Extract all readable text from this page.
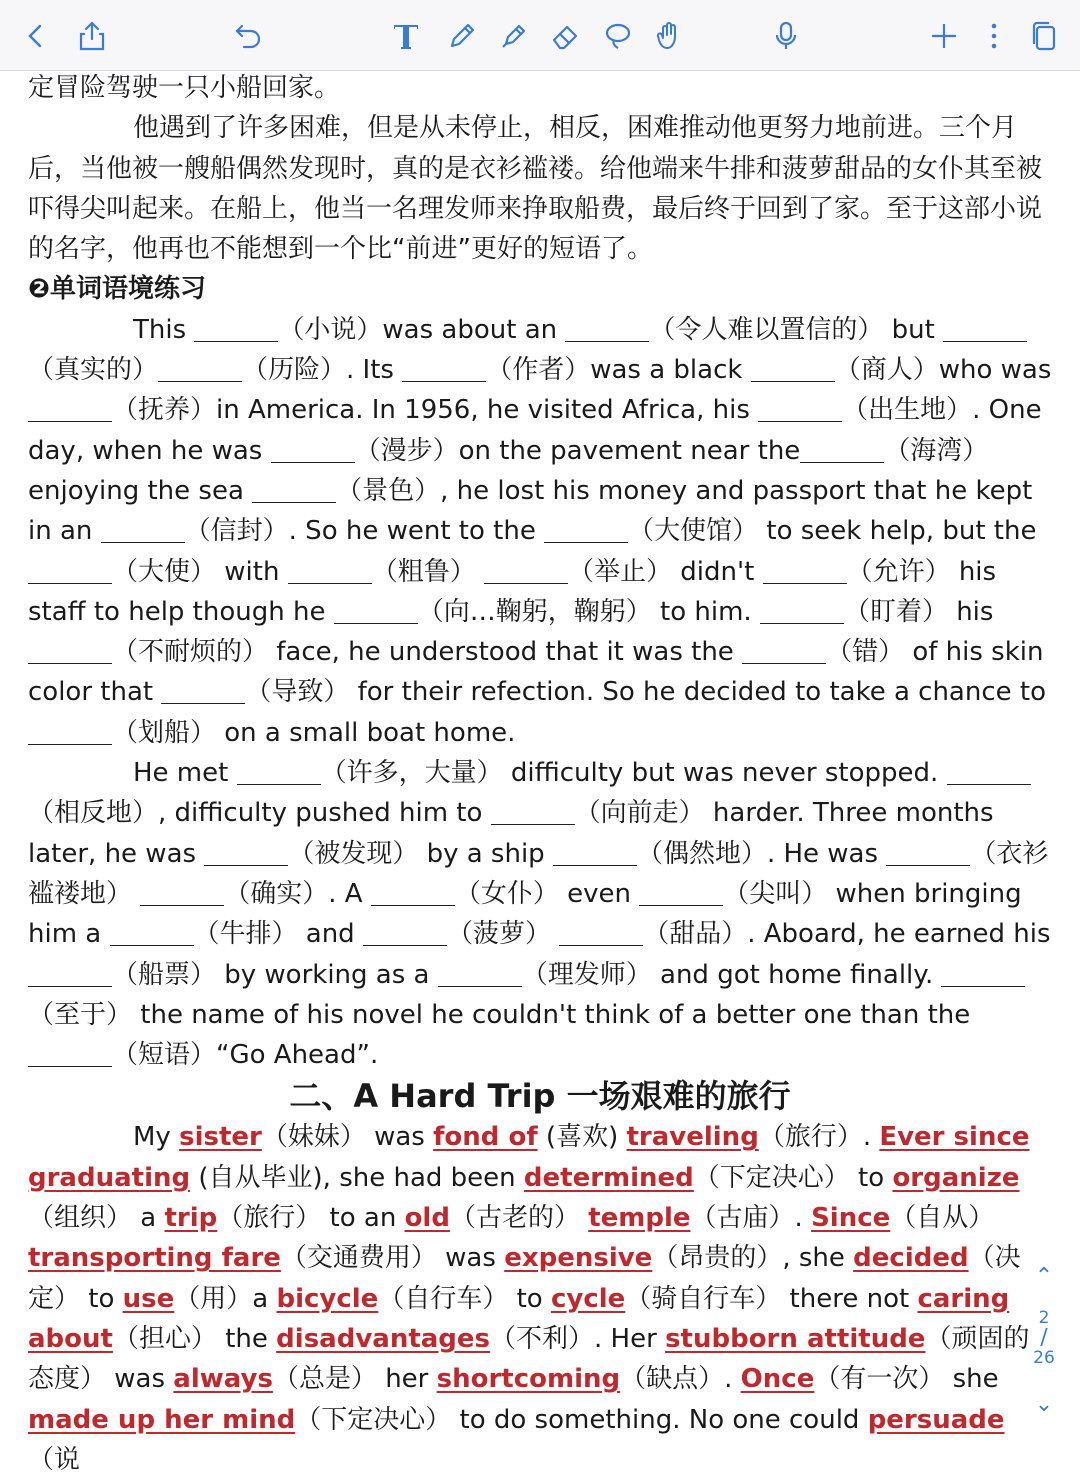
定冒险驾驶一只小船回家。

他遇到了许多困难，但是从未停止，相反，困难推动他更努力地前进。三个月后，当他被一艘船偶然发现时，真的是衣衫褴褛。给他端来牛排和菠萝甜品的女仆其至被吓得尖叫起来。在船上，他当一名理发师来挣取船费，最后终于回到了家。至于这部小说的名字，他再也不能想到一个比“前进”更好的短语了。

❷单词语境练习

This	（小说）was about an	（令人难以置信的） but （真实的）	（历险）. Its	（作者）was a black	（商人）who was （抚养）in America. In 1956, he visited Africa, his	（出生地）. One day, when he was	（漫步）on the pavement near the	（海湾）enjoying the sea	（景色）, he lost his money and passport that he kept in an	（信封）. So he went to the	（大使馆） to seek help, but the （大使） with	（粗鲁）	（举止） didn't	（允许） his staff to help though he	（向…鞠躬，鞠躬） to him.	（盯着） his （不耐烦的） face, he understood that it was the	（错） of his skin color that	（导致） for their refection. So he decided to take a chance to （划船） on a small boat home.

He met	（许多，大量） difficulty but was never stopped. （相反地）, difficulty pushed him to	（向前走） harder. Three months later, he was	（被发现） by a ship	（偶然地）. He was	（衣衫褴褛地）	（确实）. A	（女仆） even	（尖叫） when bringing him a	（牛排） and	（菠萝）	（甜品）. Aboard, he earned his （船票） by working as a	（理发师） and got home finally. （至于） the name of his novel he couldn't think of a better one than the （短语）“Go Ahead”.

二、A Hard Trip 一场艰难的旅行

My sister（妹妹） was fond of (喜欢) traveling（旅行）. Ever since graduating (自从毕业), she had been determined（下定决心） to organize（组织） a trip（旅行） to an old（古老的） temple（古庙）. Since（自从） transporting fare（交通费用） was expensive（昂贵的）, she decided（决定） to use（用）a bicycle（自行车） to cycle（骑自行车） there not caring about（担心） the disadvantages（不利）. Her stubborn attitude（顽固的态度） was always（总是） her shortcoming（缺点）. Once（有一次） she made up her mind（下定决心） to do something. No one could persuade（说

⌃
2
∕
26
⌄
